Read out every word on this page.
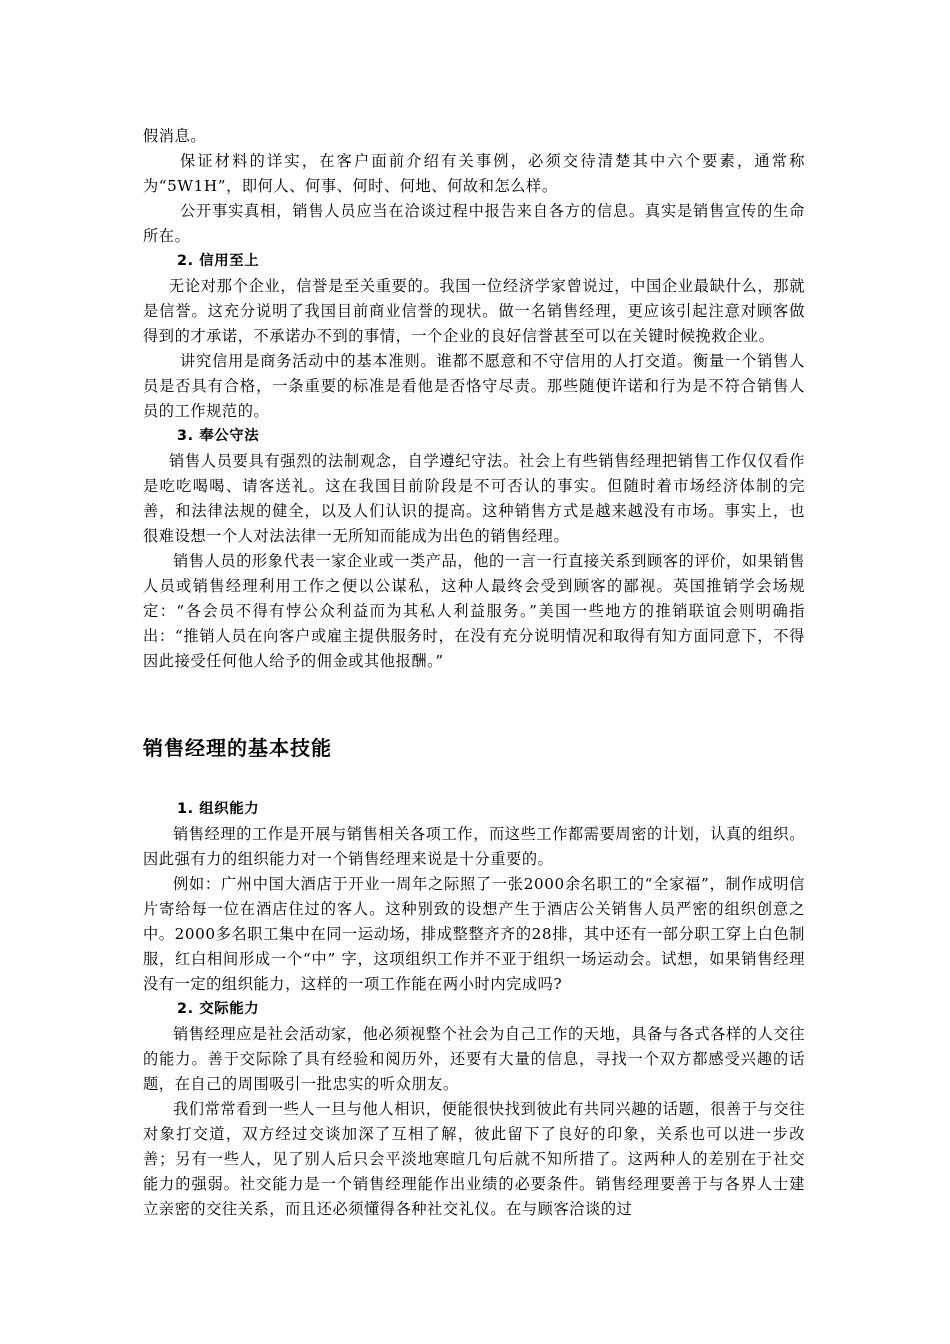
假消息。

保证材料的详实，在客户面前介绍有关事例，必须交待清楚其中六个要素，通常称为“5W1H”，即何人、何事、何时、何地、何故和怎么样。

公开事实真相，销售人员应当在洽谈过程中报告来自各方的信息。真实是销售宣传的生命所在。

2. 信用至上

无论对那个企业，信誉是至关重要的。我国一位经济学家曾说过，中国企业最缺什么，那就是信誉。这充分说明了我国目前商业信誉的现状。做一名销售经理，更应该引起注意对顾客做得到的才承诺，不承诺办不到的事情，一个企业的良好信誉甚至可以在关键时候挽救企业。

讲究信用是商务活动中的基本准则。谁都不愿意和不守信用的人打交道。衡量一个销售人员是否具有合格，一条重要的标准是看他是否恪守尽责。那些随便许诺和行为是不符合销售人员的工作规范的。

3. 奉公守法

销售人员要具有强烈的法制观念，自学遵纪守法。社会上有些销售经理把销售工作仅仅看作是吃吃喝喝、请客送礼。这在我国目前阶段是不可否认的事实。但随时着市场经济体制的完善，和法律法规的健全，以及人们认识的提高。这种销售方式是越来越没有市场。事实上，也很难设想一个人对法法律一无所知而能成为出色的销售经理。

销售人员的形象代表一家企业或一类产品，他的一言一行直接关系到顾客的评价，如果销售人员或销售经理利用工作之便以公谋私，这种人最终会受到顾客的鄙视。英国推销学会场规定：“各会员不得有悖公众利益而为其私人利益服务。”美国一些地方的推销联谊会则明确指出：“推销人员在向客户或雇主提供服务时，在没有充分说明情况和取得有知方面同意下，不得因此接受任何他人给予的佣金或其他报酬。”

销售经理的基本技能

1. 组织能力

销售经理的工作是开展与销售相关各项工作，而这些工作都需要周密的计划，认真的组织。因此强有力的组织能力对一个销售经理来说是十分重要的。

例如：广州中国大酒店于开业一周年之际照了一张2000余名职工的“全家福”，制作成明信片寄给每一位在酒店住过的客人。这种别致的设想产生于酒店公关销售人员严密的组织创意之中。2000多名职工集中在同一运动场，排成整整齐齐的28排，其中还有一部分职工穿上白色制服，红白相间形成一个“中” 字，这项组织工作并不亚于组织一场运动会。试想，如果销售经理没有一定的组织能力，这样的一项工作能在两小时内完成吗?

2. 交际能力

销售经理应是社会活动家，他必须视整个社会为自己工作的天地，具备与各式各样的人交往的能力。善于交际除了具有经验和阅历外，还要有大量的信息，寻找一个双方都感受兴趣的话题，在自己的周围吸引一批忠实的听众朋友。

我们常常看到一些人一旦与他人相识，便能很快找到彼此有共同兴趣的话题，很善于与交往对象打交道，双方经过交谈加深了互相了解，彼此留下了良好的印象，关系也可以进一步改善；另有一些人，见了别人后只会平淡地寒暄几句后就不知所措了。这两种人的差别在于社交能力的强弱。社交能力是一个销售经理能作出业绩的必要条件。销售经理要善于与各界人士建立亲密的交往关系，而且还必须懂得各种社交礼仪。在与顾客洽谈的过
